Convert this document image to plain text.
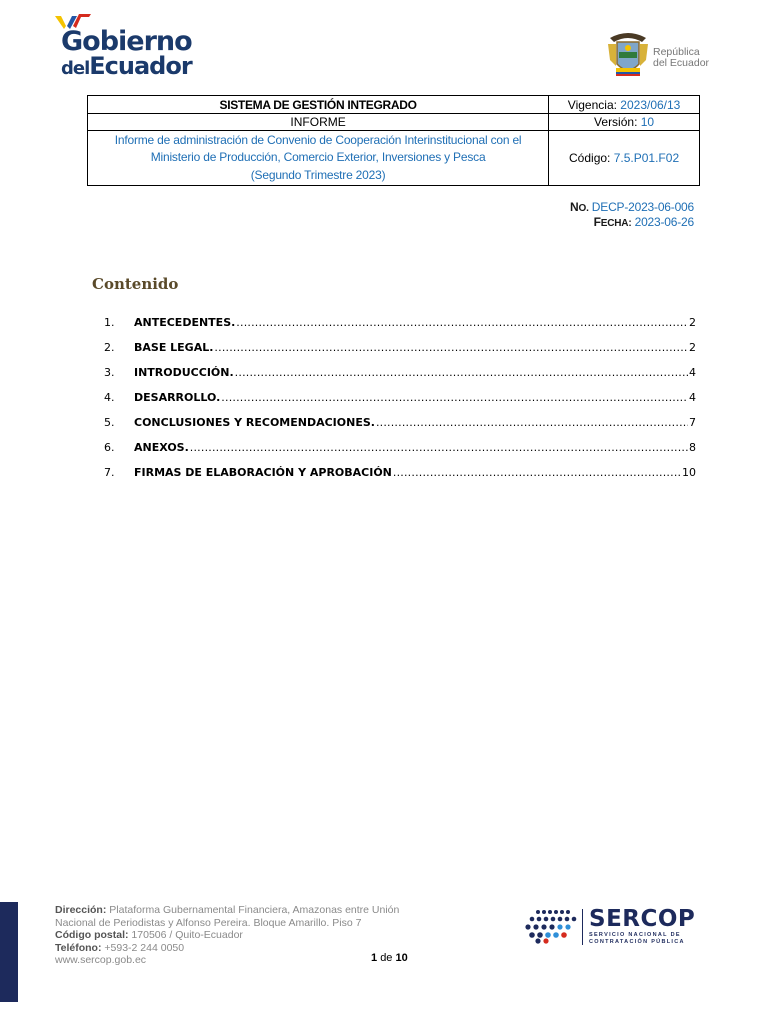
Gobierno
delEcuador	República
del Ecuador
SISTEMA DE GESTIÓN INTEGRADO	Vigencia: 2023/06/13
INFORME	Versión: 10

Informe de administración de Convenio de Cooperación Interinstitucional con el
Ministerio de Producción, Comercio Exterior, Inversiones y Pesca
(Segundo Trimestre 2023)	Código: 7.5.P01.F02
NO. DECP-2023-06-006
FECHA: 2023-06-26
Contenido
1.	ANTECEDENTES. .....	2
2.	BASE LEGAL. .....	2
3.	INTRODUCCIÓN. .....	4
4.	DESARROLLO. .....	4
5.	CONCLUSIONES Y RECOMENDACIONES. .....	7
6.	ANEXOS. .....	8
7.	FIRMAS DE ELABORACIÓN Y APROBACIÓN .....	10
Dirección: Plataforma Gubernamental Financiera, Amazonas entre Unión
Nacional de Periodistas y Alfonso Pereira. Bloque Amarillo. Piso 7
Código postal: 170506 / Quito-Ecuador
Teléfono: +593-2 244 0050
www.sercop.gob.ec	1 de 10
SERCOP
SERVICIO NACIONAL DE
CONTRATACIÓN PÚBLICA
